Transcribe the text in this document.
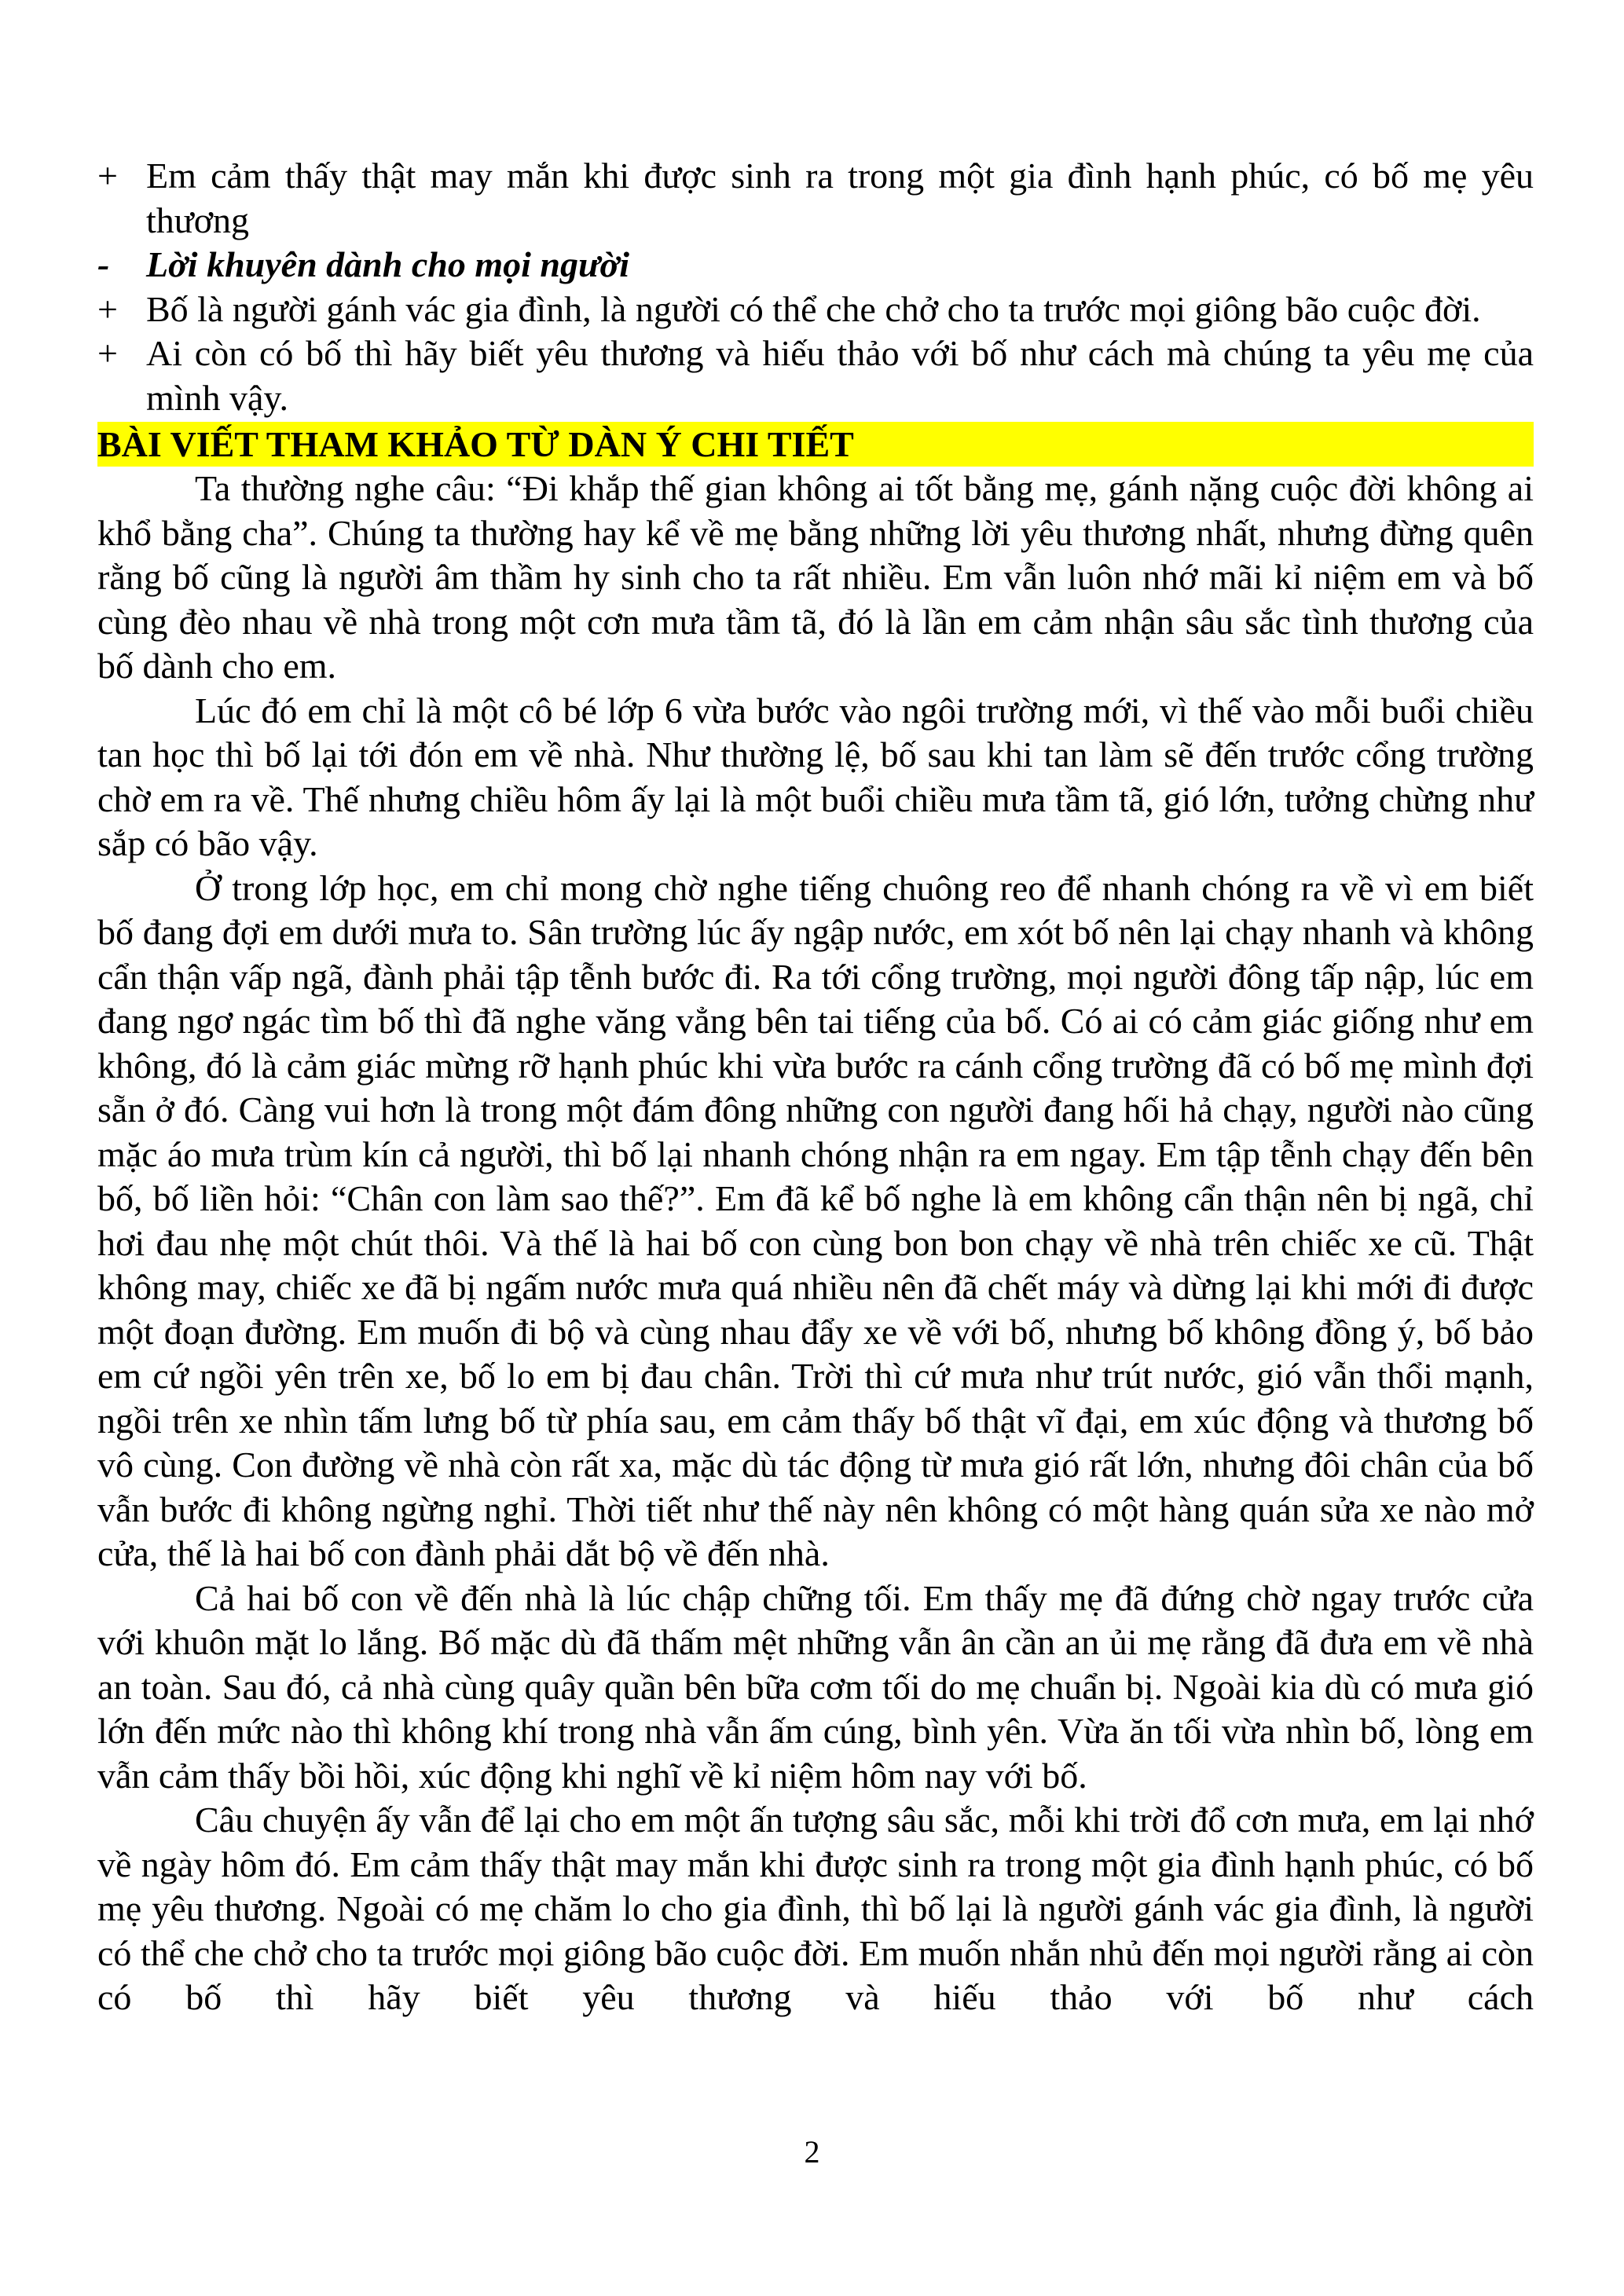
+ Em cảm thấy thật may mắn khi được sinh ra trong một gia đình hạnh phúc, có bố mẹ yêu thương
- Lời khuyên dành cho mọi người
+ Bố là người gánh vác gia đình, là người có thể che chở cho ta trước mọi giông bão cuộc đời.
+ Ai còn có bố thì hãy biết yêu thương và hiếu thảo với bố như cách mà chúng ta yêu mẹ của mình vậy.
BÀI VIẾT THAM KHẢO TỪ DÀN Ý CHI TIẾT

Ta thường nghe câu: “Đi khắp thế gian không ai tốt bằng mẹ, gánh nặng cuộc đời không ai khổ bằng cha”. Chúng ta thường hay kể về mẹ bằng những lời yêu thương nhất, nhưng đừng quên rằng bố cũng là người âm thầm hy sinh cho ta rất nhiều. Em vẫn luôn nhớ mãi kỉ niệm em và bố cùng đèo nhau về nhà trong một cơn mưa tầm tã, đó là lần em cảm nhận sâu sắc tình thương của bố dành cho em.

Lúc đó em chỉ là một cô bé lớp 6 vừa bước vào ngôi trường mới, vì thế vào mỗi buổi chiều tan học thì bố lại tới đón em về nhà. Như thường lệ, bố sau khi tan làm sẽ đến trước cổng trường chờ em ra về. Thế nhưng chiều hôm ấy lại là một buổi chiều mưa tầm tã, gió lớn, tưởng chừng như sắp có bão vậy.

Ở trong lớp học, em chỉ mong chờ nghe tiếng chuông reo để nhanh chóng ra về vì em biết bố đang đợi em dưới mưa to. Sân trường lúc ấy ngập nước, em xót bố nên lại chạy nhanh và không cẩn thận vấp ngã, đành phải tập tễnh bước đi. Ra tới cổng trường, mọi người đông tấp nập, lúc em đang ngơ ngác tìm bố thì đã nghe văng vẳng bên tai tiếng của bố. Có ai có cảm giác giống như em không, đó là cảm giác mừng rỡ hạnh phúc khi vừa bước ra cánh cổng trường đã có bố mẹ mình đợi sẵn ở đó. Càng vui hơn là trong một đám đông những con người đang hối hả chạy, người nào cũng mặc áo mưa trùm kín cả người, thì bố lại nhanh chóng nhận ra em ngay. Em tập tễnh chạy đến bên bố, bố liền hỏi: “Chân con làm sao thế?”. Em đã kể bố nghe là em không cẩn thận nên bị ngã, chỉ hơi đau nhẹ một chút thôi. Và thế là hai bố con cùng bon bon chạy về nhà trên chiếc xe cũ. Thật không may, chiếc xe đã bị ngấm nước mưa quá nhiều nên đã chết máy và dừng lại khi mới đi được một đoạn đường. Em muốn đi bộ và cùng nhau đẩy xe về với bố, nhưng bố không đồng ý, bố bảo em cứ ngồi yên trên xe, bố lo em bị đau chân. Trời thì cứ mưa như trút nước, gió vẫn thổi mạnh, ngồi trên xe nhìn tấm lưng bố từ phía sau, em cảm thấy bố thật vĩ đại, em xúc động và thương bố vô cùng. Con đường về nhà còn rất xa, mặc dù tác động từ mưa gió rất lớn, nhưng đôi chân của bố vẫn bước đi không ngừng nghỉ. Thời tiết như thế này nên không có một hàng quán sửa xe nào mở cửa, thế là hai bố con đành phải dắt bộ về đến nhà.

Cả hai bố con về đến nhà là lúc chập chững tối. Em thấy mẹ đã đứng chờ ngay trước cửa với khuôn mặt lo lắng. Bố mặc dù đã thấm mệt những vẫn ân cần an ủi mẹ rằng đã đưa em về nhà an toàn. Sau đó, cả nhà cùng quây quần bên bữa cơm tối do mẹ chuẩn bị. Ngoài kia dù có mưa gió lớn đến mức nào thì không khí trong nhà vẫn ấm cúng, bình yên. Vừa ăn tối vừa nhìn bố, lòng em vẫn cảm thấy bồi hồi, xúc động khi nghĩ về kỉ niệm hôm nay với bố.

Câu chuyện ấy vẫn để lại cho em một ấn tượng sâu sắc, mỗi khi trời đổ cơn mưa, em lại nhớ về ngày hôm đó. Em cảm thấy thật may mắn khi được sinh ra trong một gia đình hạnh phúc, có bố mẹ yêu thương. Ngoài có mẹ chăm lo cho gia đình, thì bố lại là người gánh vác gia đình, là người có thể che chở cho ta trước mọi giông bão cuộc đời. Em muốn nhắn nhủ đến mọi người rằng ai còn có bố thì hãy biết yêu thương và hiếu thảo với bố như cách

2
